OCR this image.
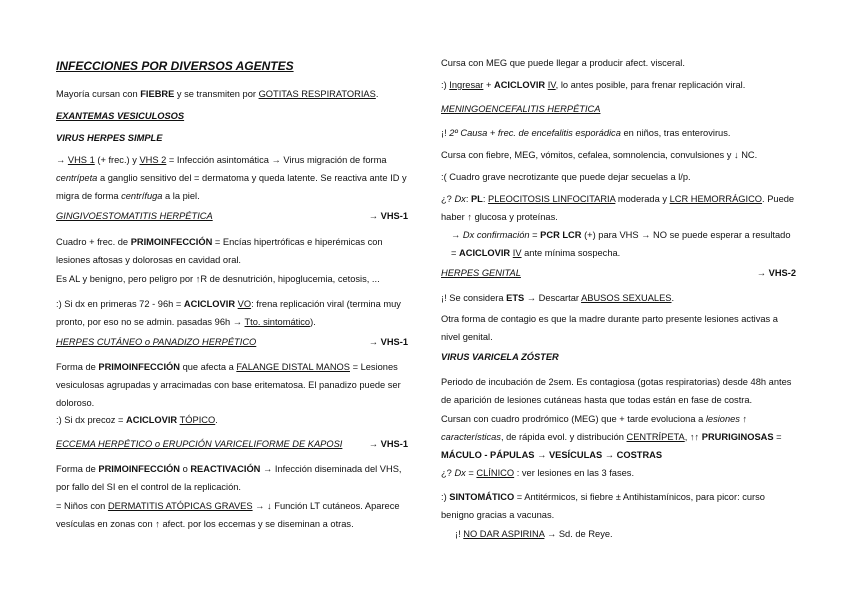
INFECCIONES POR DIVERSOS AGENTES

Mayoría cursan con FIEBRE y se transmiten por GOTITAS RESPIRATORIAS.

EXANTEMAS VESICULOSOS
VIRUS HERPES SIMPLE

→ VHS 1 (+ frec.) y VHS 2 = Infección asintomática → Virus migración de forma centrípeta a ganglio sensitivo del = dermatoma y queda latente. Se reactiva ante ID y migra de forma centrífuga a la piel.

GINGIVOESTOMATITIS HERPÉTICA	→ VHS-1

Cuadro + frec. de PRIMOINFECCIÓN = Encías hipertróficas e hiperémicas con lesiones aftosas y dolorosas en cavidad oral.

Es AL y benigno, pero peligro por ↑R de desnutrición, hipoglucemia, cetosis, ...

:) Si dx en primeras 72 - 96h = ACICLOVIR VO: frena replicación viral (termina muy pronto, por eso no se admin. pasadas 96h → Tto. sintomático).

HERPES CUTÁNEO o PANADIZO HERPÉTICO	→ VHS-1

Forma de PRIMOINFECCIÓN que afecta a FALANGE DISTAL MANOS = Lesiones vesiculosas agrupadas y arracimadas con base eritematosa. El panadizo puede ser doloroso.

:) Si dx precoz = ACICLOVIR TÓPICO.

ECCEMA HERPÉTICO o ERUPCIÓN VARICELIFORME DE KAPOSI	→ VHS-1

Forma de PRIMOINFECCIÓN o REACTIVACIÓN → Infección diseminada del VHS, por fallo del SI en el control de la replicación.

= Niños con DERMATITIS ATÓPICAS GRAVES → ↓ Función LT cutáneos. Aparece vesículas en zonas con ↑ afect. por los eccemas y se diseminan a otras.

Cursa con MEG que puede llegar a producir afect. visceral.

:) Ingresar + ACICLOVIR IV, lo antes posible, para frenar replicación viral.

MENINGOENCEFALITIS HERPÉTICA

¡! 2º Causa + frec. de encefalitis esporádica en niños, tras enterovirus.

Cursa con fiebre, MEG, vómitos, cefalea, somnolencia, convulsiones y ↓ NC.

:( Cuadro grave necrotizante que puede dejar secuelas a l/p.

¿? Dx: PL: PLEOCITOSIS LINFOCITARIA moderada y LCR HEMORRÁGICO. Puede haber ↑ glucosa y proteínas.

→ Dx confirmación = PCR LCR (+) para VHS → NO se puede esperar a resultado = ACICLOVIR IV ante mínima sospecha.

HERPES GENITAL	→ VHS-2

¡! Se considera ETS → Descartar ABUSOS SEXUALES.

Otra forma de contagio es que la madre durante parto presente lesiones activas a nivel genital.

VIRUS VARICELA ZÓSTER

Periodo de incubación de 2sem. Es contagiosa (gotas respiratorias) desde 48h antes de aparición de lesiones cutáneas hasta que todas están en fase de costra.

Cursan con cuadro prodrómico (MEG) que + tarde evoluciona a lesiones ↑ características, de rápida evol. y distribución CENTRÍPETA, ↑↑ PRURIGINOSAS = MÁCULO - PÁPULAS → VESÍCULAS → COSTRAS

¿? Dx = CLÍNICO : ver lesiones en las 3 fases.

:) SINTOMÁTICO = Antitérmicos, si fiebre ± Antihistamínicos, para picor: curso benigno gracias a vacunas.

¡! NO DAR ASPIRINA → Sd. de Reye.
